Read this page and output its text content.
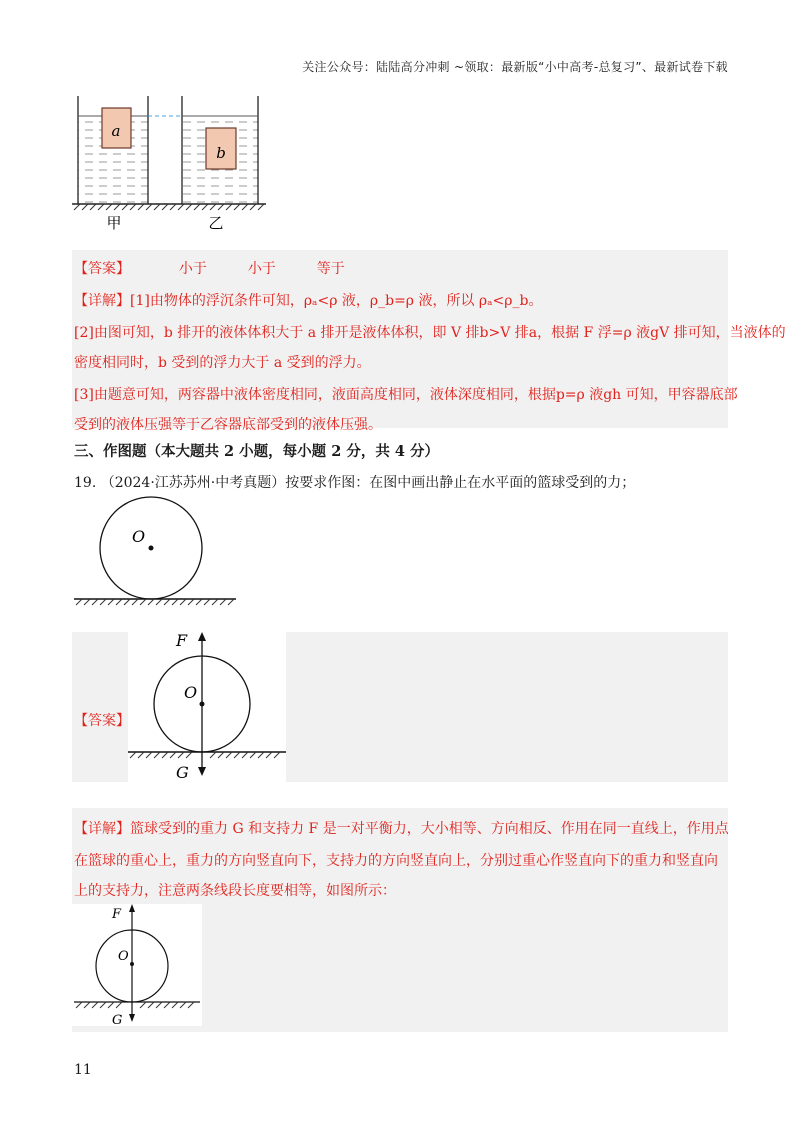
关注公众号：陆陆高分冲刺 ~领取：最新版“小中高考-总复习”、最新试卷下载
a
b
甲	乙
【答案】	小于	小于	等于
【详解】[1]由物体的浮沉条件可知，ρₐ<ρ 液，ρ_b=ρ 液，所以 ρₐ<ρ_b。
[2]由图可知，b 排开的液体体积大于 a 排开是液体体积，即 V 排b>V 排a，根据 F 浮=ρ 液gV 排可知，当液体的
密度相同时，b 受到的浮力大于 a 受到的浮力。
[3]由题意可知，两容器中液体密度相同，液面高度相同，液体深度相同，根据p=ρ 液gh 可知，甲容器底部
受到的液体压强等于乙容器底部受到的液体压强。
三、作图题（本大题共 2 小题，每小题 2 分，共 4 分）
19. （2024·江苏苏州·中考真题）按要求作图：在图中画出静止在水平面的篮球受到的力；
O
【答案】
F
O
G
【详解】篮球受到的重力 G 和支持力 F 是一对平衡力，大小相等、方向相反、作用在同一直线上，作用点
在篮球的重心上，重力的方向竖直向下，支持力的方向竖直向上，分别过重心作竖直向下的重力和竖直向
上的支持力，注意两条线段长度要相等，如图所示：
F
O
G
11
